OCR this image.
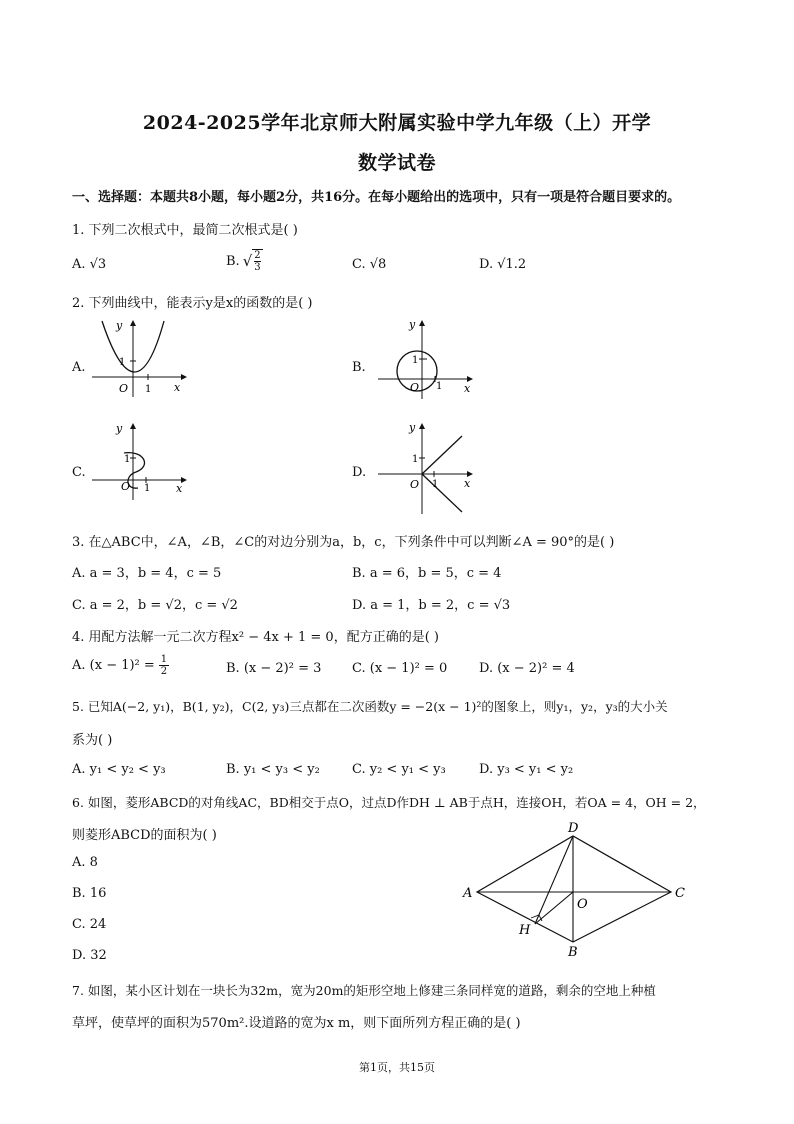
2024-2025学年北京师大附属实验中学九年级（上）开学
数学试卷
一、选择题：本题共8小题，每小题2分，共16分。在每小题给出的选项中，只有一项是符合题目要求的。
1. 下列二次根式中，最简二次根式是( )
A. √3	B. √ $\frac{2}{3}$	C. √8	D. √1.2
2. 下列曲线中，能表示y是x的函数的是( )
A.	B.
C.	D.
y
x
O
1
1
y
x
O
1
1
y
x
O
1
1
y
x
O
1
1
3. 在△ABC中，∠A，∠B，∠C的对边分别为a，b，c，下列条件中可以判断∠A = 90°的是( )
A. a = 3，b = 4，c = 5	B. a = 6，b = 5，c = 4
C. a = 2，b = √2，c = √2	D. a = 1，b = 2，c = √3
4. 用配方法解一元二次方程x² − 4x + 1 = 0，配方正确的是( )
A. $(x - 1)^2 = \frac{1}{2}$	B. (x − 2)² = 3 C. (x − 1)² = 0 D. (x − 2)² = 4
5. 已知A(−2, y₁)，B(1, y₂)，C(2, y₃)三点都在二次函数y = −2(x − 1)²的图象上，则y₁，y₂，y₃的大小关
系为( )
A. y₁ < y₂ < y₃	B. y₁ < y₃ < y₂ C. y₂ < y₁ < y₃	D. y₃ < y₁ < y₂
6. 如图，菱形ABCD的对角线AC，BD相交于点O，过点D作DH ⊥ AB于点H，连接OH，若OA = 4，OH = 2，
则菱形ABCD的面积为( )
A. 8
B. 16
C. 24
D. 32
A
D
C
B
O
H
7. 如图，某小区计划在一块长为32m，宽为20m的矩形空地上修建三条同样宽的道路，剩余的空地上种植
草坪，使草坪的面积为570m².设道路的宽为x m，则下面所列方程正确的是( )
第1页，共15页
